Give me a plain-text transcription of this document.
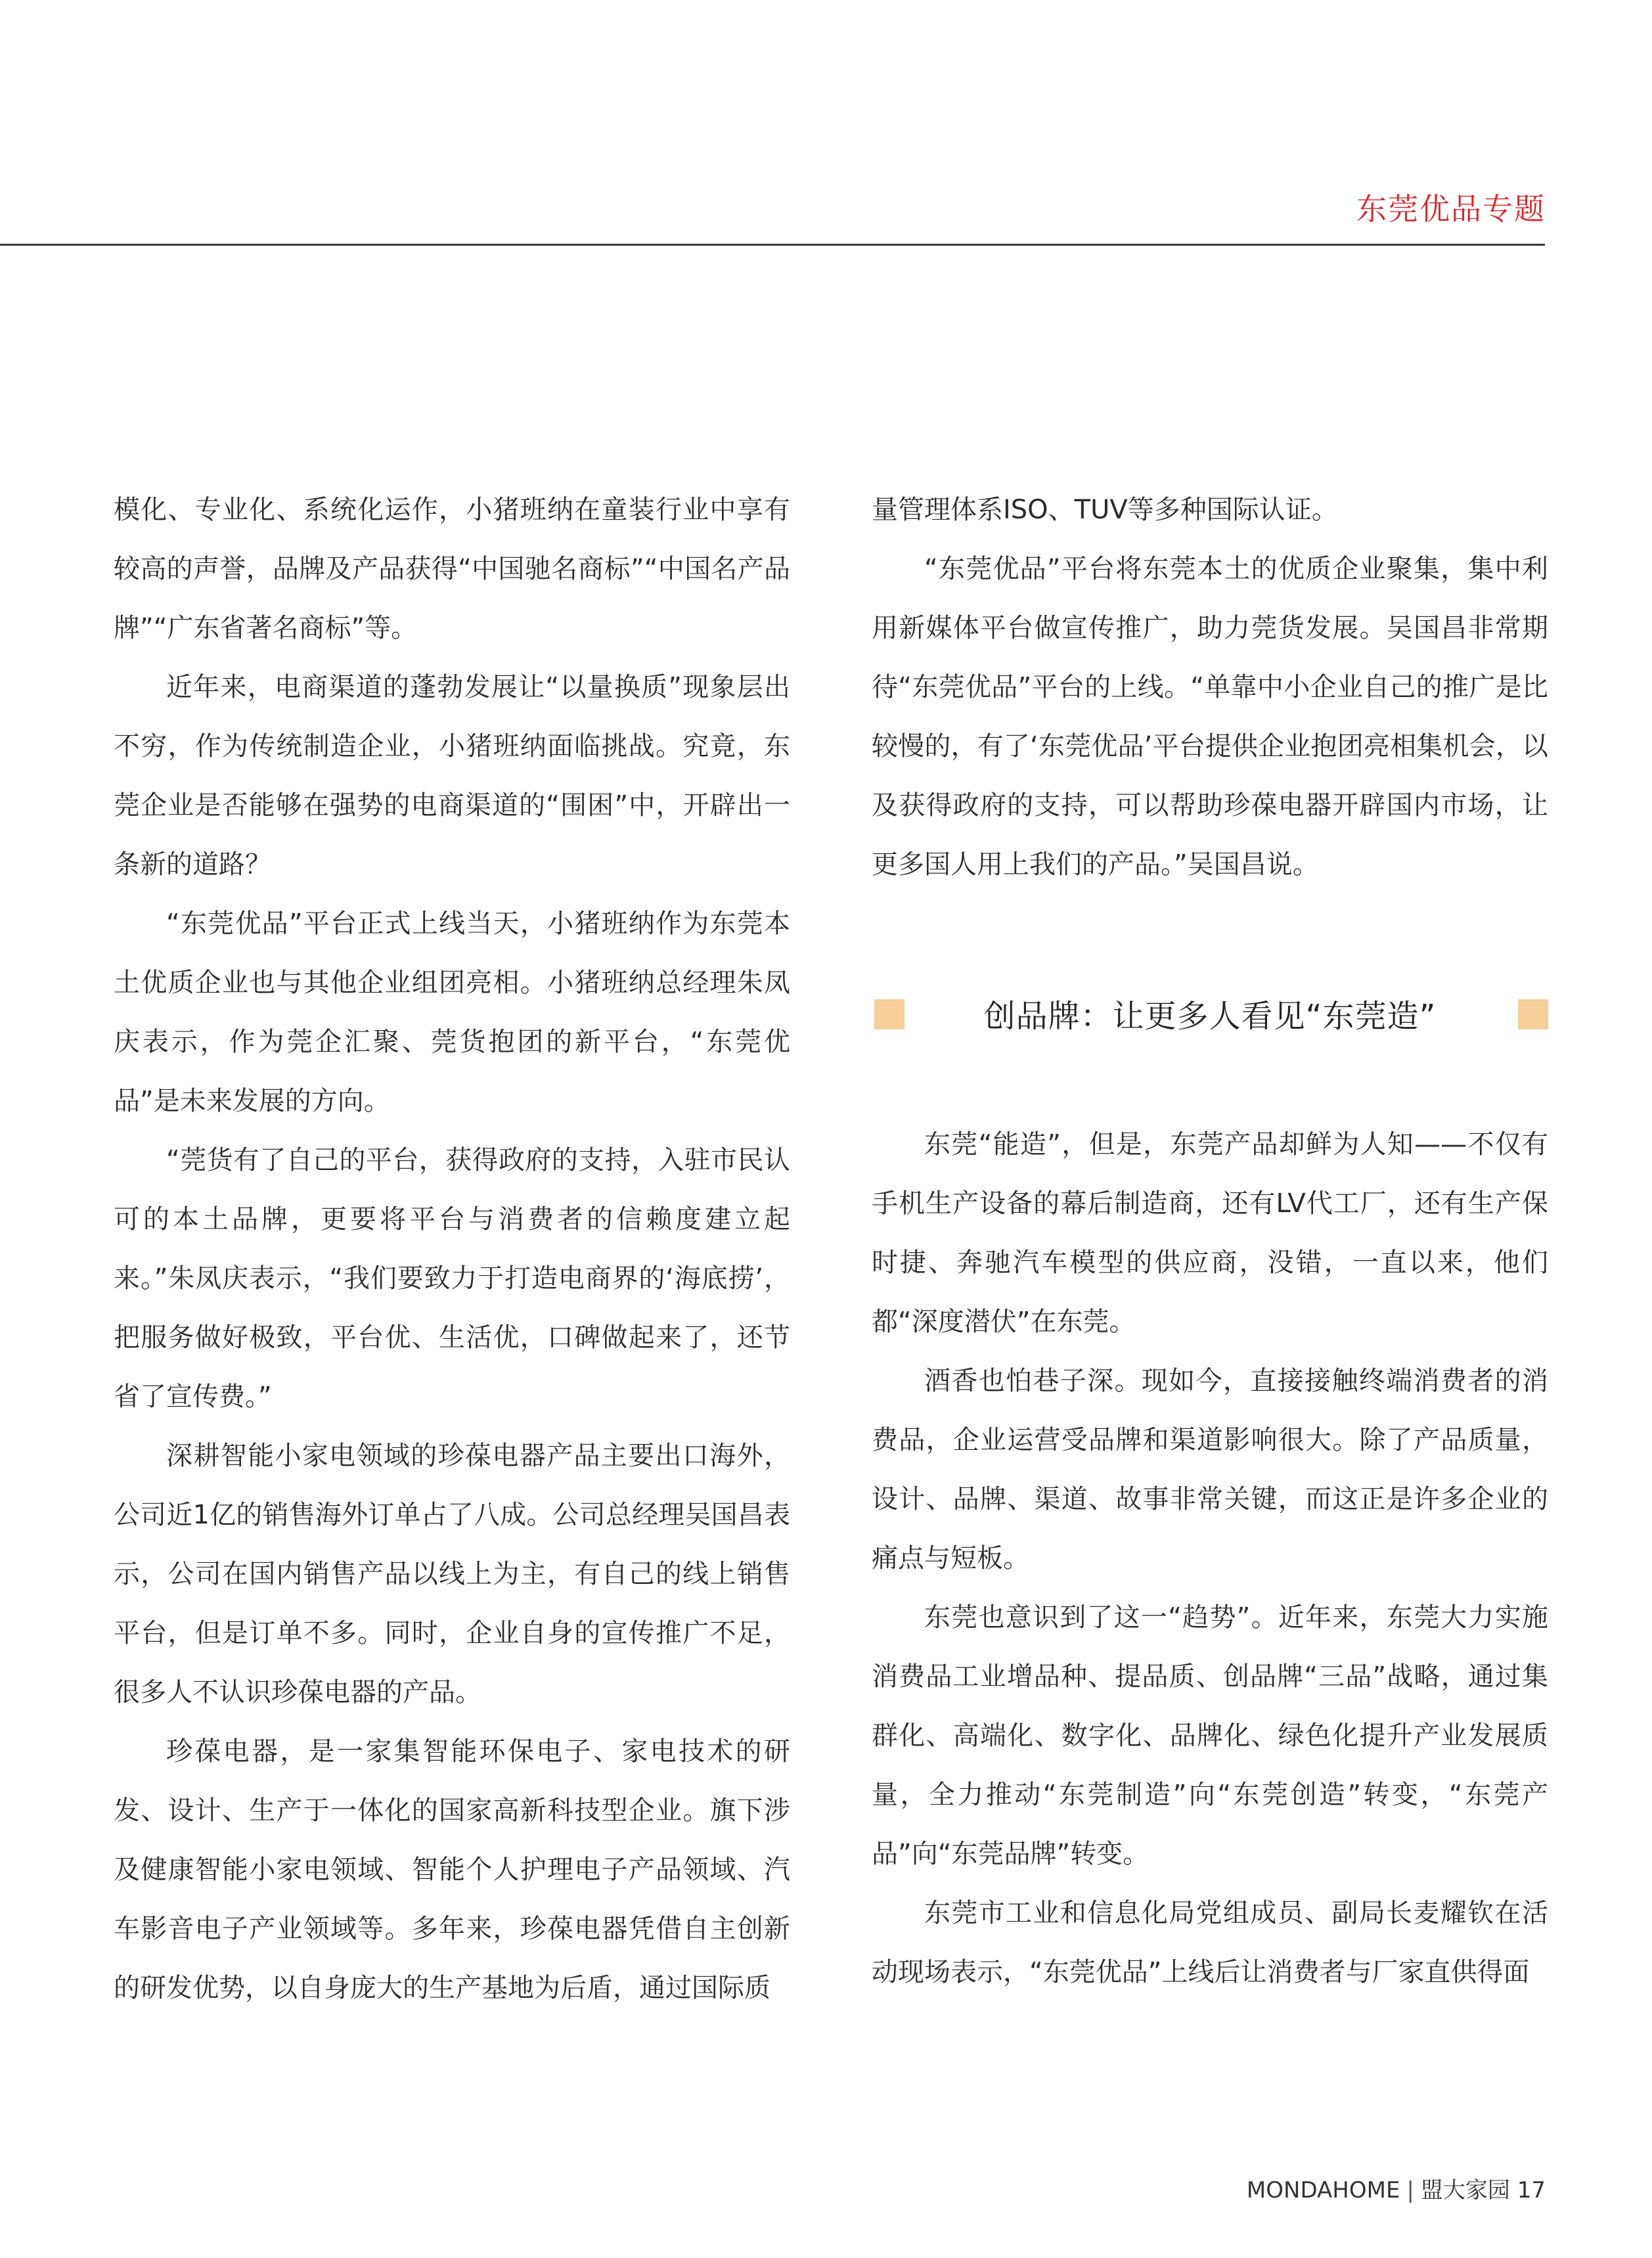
东莞优品专题

模化、专业化、系统化运作，小猪班纳在童装行业中享有较高的声誉，品牌及产品获得“中国驰名商标”“中国名产品牌”“广东省著名商标”等。

近年来，电商渠道的蓬勃发展让“以量换质”现象层出不穷，作为传统制造企业，小猪班纳面临挑战。究竟，东莞企业是否能够在强势的电商渠道的“围困”中，开辟出一条新的道路？

“东莞优品”平台正式上线当天，小猪班纳作为东莞本土优质企业也与其他企业组团亮相。小猪班纳总经理朱凤庆表示，作为莞企汇聚、莞货抱团的新平台，“东莞优品”是未来发展的方向。

“莞货有了自己的平台，获得政府的支持，入驻市民认可的本土品牌，更要将平台与消费者的信赖度建立起来。”朱凤庆表示，“我们要致力于打造电商界的‘海底捞’，把服务做好极致，平台优、生活优，口碑做起来了，还节省了宣传费。”

深耕智能小家电领域的珍葆电器产品主要出口海外，公司近1亿的销售海外订单占了八成。公司总经理吴国昌表示，公司在国内销售产品以线上为主，有自己的线上销售平台，但是订单不多。同时，企业自身的宣传推广不足，很多人不认识珍葆电器的产品。

珍葆电器，是一家集智能环保电子、家电技术的研发、设计、生产于一体化的国家高新科技型企业。旗下涉及健康智能小家电领域、智能个人护理电子产品领域、汽车影音电子产业领域等。多年来，珍葆电器凭借自主创新的研发优势，以自身庞大的生产基地为后盾，通过国际质

量管理体系ISO、TUV等多种国际认证。

“东莞优品”平台将东莞本土的优质企业聚集，集中利用新媒体平台做宣传推广，助力莞货发展。吴国昌非常期待“东莞优品”平台的上线。“单靠中小企业自己的推广是比较慢的，有了‘东莞优品’平台提供企业抱团亮相集机会，以及获得政府的支持，可以帮助珍葆电器开辟国内市场，让更多国人用上我们的产品。”吴国昌说。

创品牌：让更多人看见“东莞造”

东莞“能造”，但是，东莞产品却鲜为人知——不仅有手机生产设备的幕后制造商，还有LV代工厂，还有生产保时捷、奔驰汽车模型的供应商，没错，一直以来，他们都“深度潜伏”在东莞。

酒香也怕巷子深。现如今，直接接触终端消费者的消费品，企业运营受品牌和渠道影响很大。除了产品质量，设计、品牌、渠道、故事非常关键，而这正是许多企业的痛点与短板。

东莞也意识到了这一“趋势”。近年来，东莞大力实施消费品工业增品种、提品质、创品牌“三品”战略，通过集群化、高端化、数字化、品牌化、绿色化提升产业发展质量，全力推动“东莞制造”向“东莞创造”转变，“东莞产品”向“东莞品牌”转变。

东莞市工业和信息化局党组成员、副局长麦耀钦在活动现场表示，“东莞优品”上线后让消费者与厂家直供得面

MONDAHOME | 盟大家园 17
